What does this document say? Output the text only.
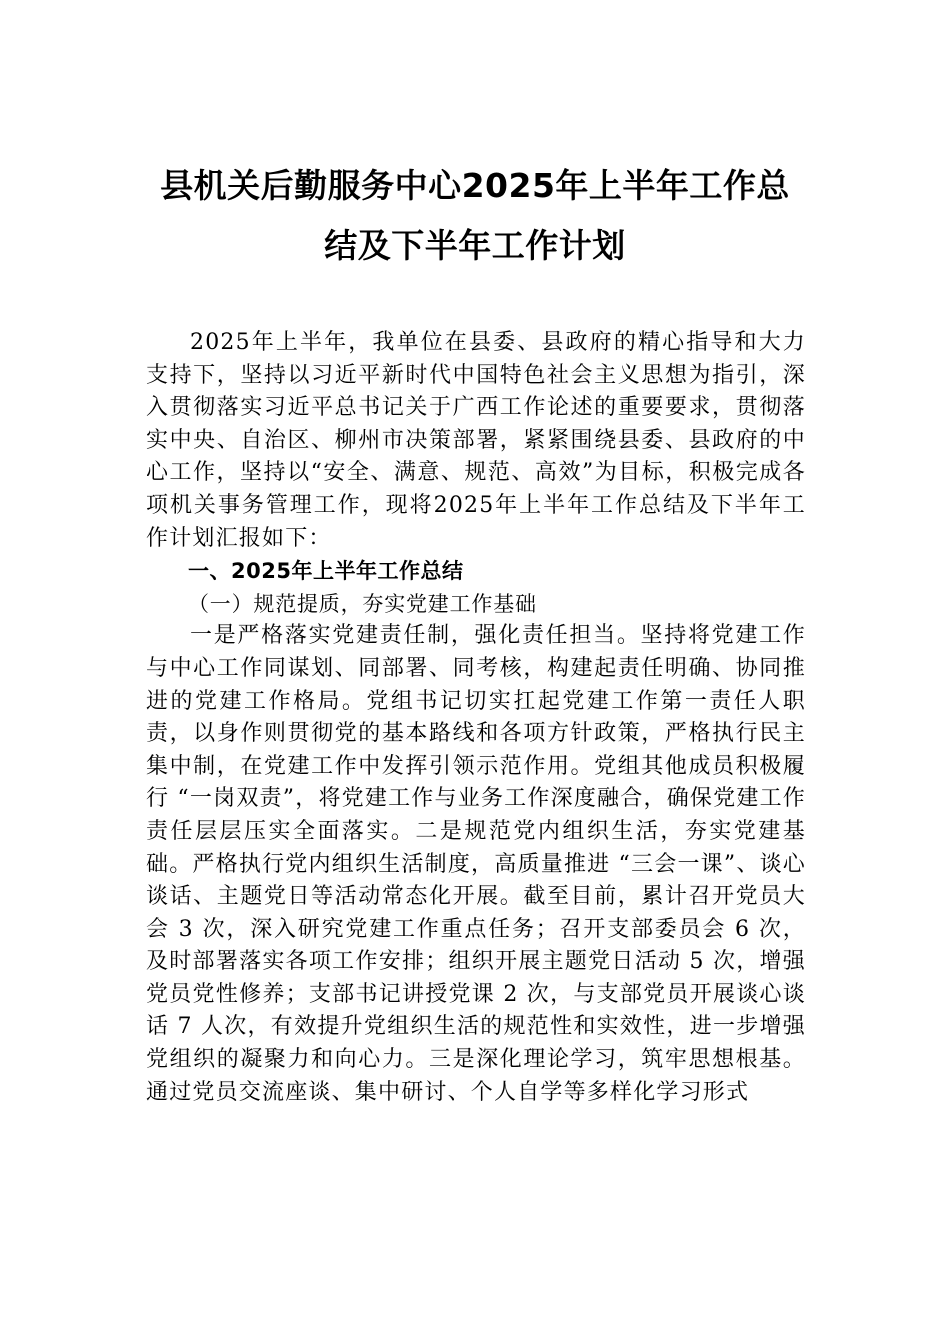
县机关后勤服务中心2025年上半年工作总
结及下半年工作计划

2025年上半年，我单位在县委、县政府的精心指导和大力支持下，坚持以习近平新时代中国特色社会主义思想为指引，深入贯彻落实习近平总书记关于广西工作论述的重要要求，贯彻落实中央、自治区、柳州市决策部署，紧紧围绕县委、县政府的中心工作，坚持以“安全、满意、规范、高效”为目标，积极完成各项机关事务管理工作，现将2025年上半年工作总结及下半年工作计划汇报如下：

一、2025年上半年工作总结

（一）规范提质，夯实党建工作基础

一是严格落实党建责任制，强化责任担当。坚持将党建工作与中心工作同谋划、同部署、同考核，构建起责任明确、协同推进的党建工作格局。党组书记切实扛起党建工作第一责任人职责，以身作则贯彻党的基本路线和各项方针政策，严格执行民主集中制，在党建工作中发挥引领示范作用。党组其他成员积极履行 “一岗双责”，将党建工作与业务工作深度融合，确保党建工作责任层层压实全面落实。二是规范党内组织生活，夯实党建基础。严格执行党内组织生活制度，高质量推进 “三会一课”、谈心谈话、主题党日等活动常态化开展。截至目前，累计召开党员大会 3 次，深入研究党建工作重点任务；召开支部委员会 6 次，及时部署落实各项工作安排；组织开展主题党日活动 5 次，增强党员党性修养；支部书记讲授党课 2 次，与支部党员开展谈心谈话 7 人次，有效提升党组织生活的规范性和实效性，进一步增强党组织的凝聚力和向心力。三是深化理论学习，筑牢思想根基。通过党员交流座谈、集中研讨、个人自学等多样化学习形式
